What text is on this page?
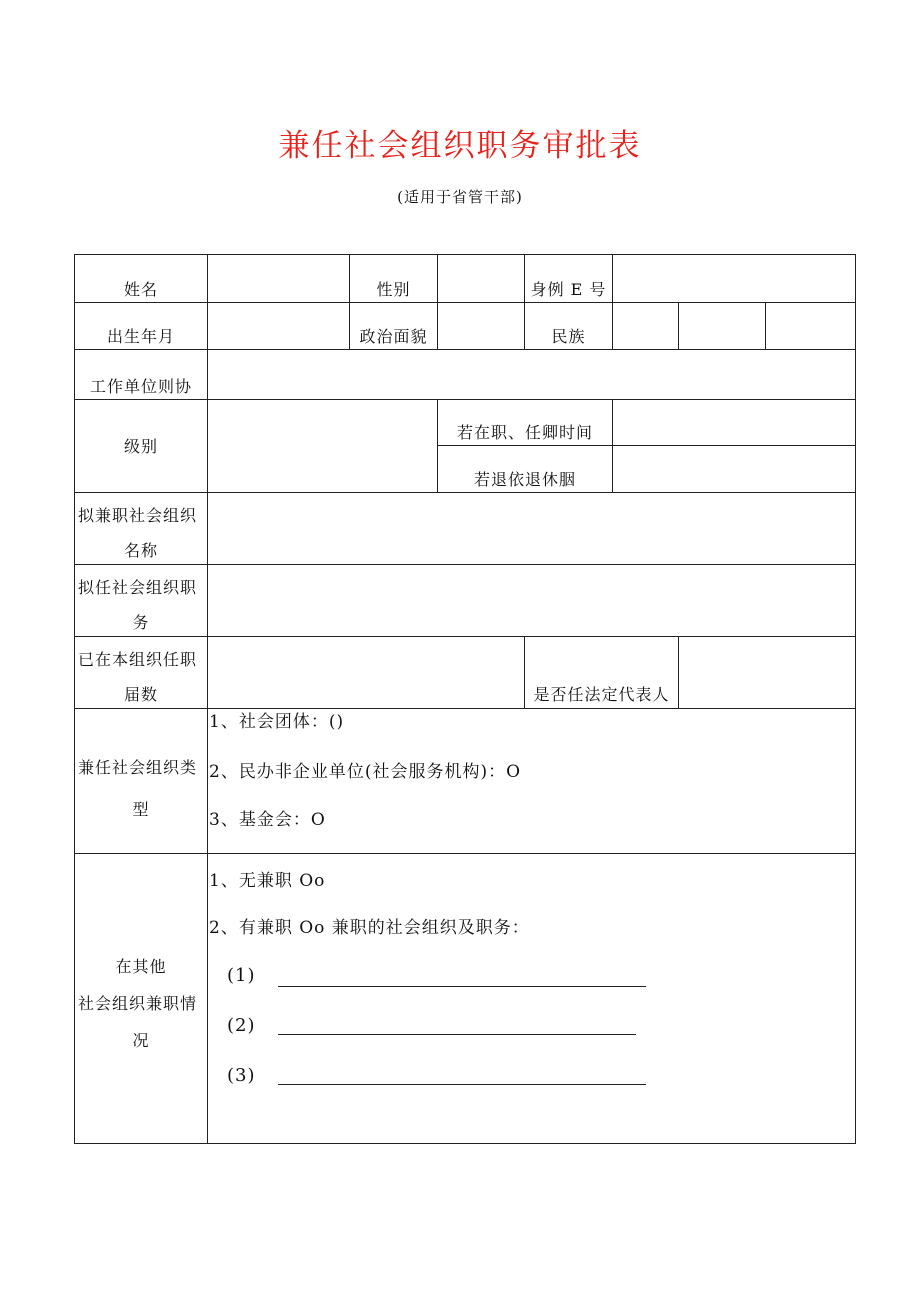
兼任社会组织职务审批表
(适用于省管干部)
姓名	性别	身例 E 号
出生年月	政治面貌	民族
工作单位则协
级别
若在职、任卿时间
若退依退休胭
拟兼职社会组织
名称
拟任社会组织职
务
已在本组织任职
届数	是否任法定代表人
兼任社会组织类
型
1、社会团体：()
2、民办非企业单位(社会服务机构)：O
3、基金会：O
在其他
社会组织兼职情
况
1、无兼职 Oo
2、有兼职 Oo 兼职的社会组织及职务：
(1)
(2)
(3)
